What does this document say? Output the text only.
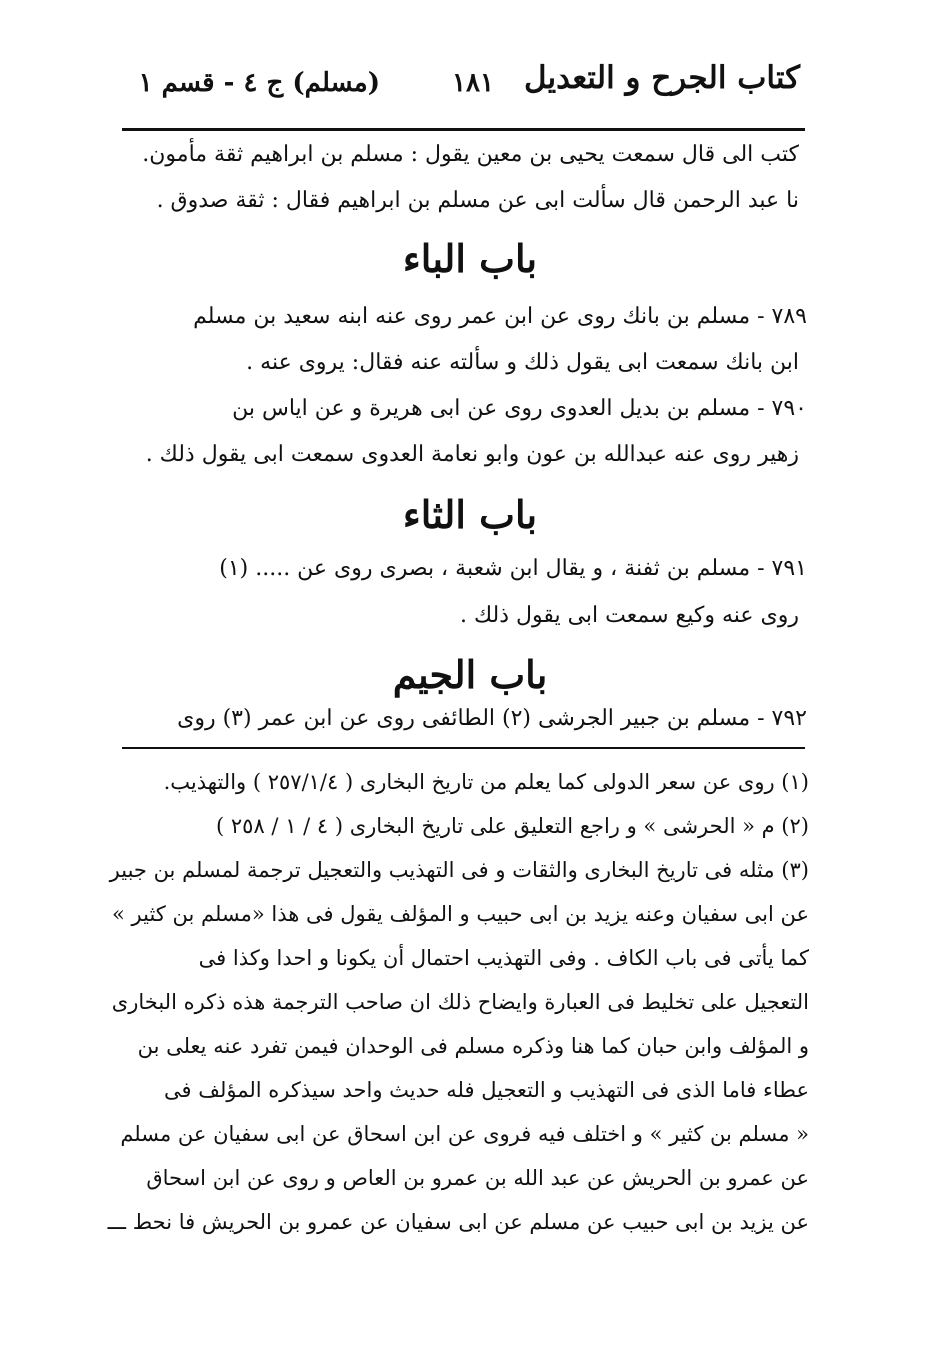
كتاب الجرح و التعديل
١٨١
(مسلم) ج ٤ - قسم ١
كتب الى قال سمعت يحيى بن معين يقول : مسلم بن ابراهيم ثقة مأمون.
نا عبد الرحمن قال سألت ابى عن مسلم بن ابراهيم فقال : ثقة صدوق .
باب الباء
٧٨٩ - مسلم بن بانك روى عن ابن عمر روى عنه ابنه سعيد بن مسلم
ابن بانك سمعت ابى يقول ذلك و سألته عنه فقال: يروى عنه .
٧٩٠ - مسلم بن بديل العدوى روى عن ابى هريرة و عن اياس بن
زهير روى عنه عبدالله بن عون وابو نعامة العدوى سمعت ابى يقول ذلك .
باب الثاء
٧٩١ - مسلم بن ثفنة ، و يقال ابن شعبة ، بصرى روى عن ..... (١)
روى عنه وكيع سمعت ابى يقول ذلك .
باب الجيم
٧٩٢ - مسلم بن جبير الجرشى (٢) الطائفى روى عن ابن عمر (٣) روى
(١) روى عن سعر الدولى كما يعلم من تاريخ البخارى ( ٢٥٧/١/٤ ) والتهذيب.
(٢) م « الحرشى » و راجع التعليق على تاريخ البخارى ( ٤ / ١ / ٢٥٨ )
(٣) مثله فى تاريخ البخارى والثقات و فى التهذيب والتعجيل ترجمة لمسلم بن جبير
عن ابى سفيان وعنه يزيد بن ابى حبيب و المؤلف يقول فى هذا «مسلم بن كثير »
كما يأتى فى باب الكاف . وفى التهذيب احتمال أن يكونا و احدا وكذا فى
التعجيل على تخليط فى العبارة وايضاح ذلك ان صاحب الترجمة هذه ذكره البخارى
و المؤلف وابن حبان كما هنا وذكره مسلم فى الوحدان فيمن تفرد عنه يعلى بن
عطاء فاما الذى فى التهذيب و التعجيل فله حديث واحد سيذكره المؤلف فى
« مسلم بن كثير » و اختلف فيه فروى عن ابن اسحاق عن ابى سفيان عن مسلم
عن عمرو بن الحريش عن عبد الله بن عمرو بن العاص و روى عن ابن اسحاق
عن يزيد بن ابى حبيب عن مسلم عن ابى سفيان عن عمرو بن الحريش فا نحط ـــ
